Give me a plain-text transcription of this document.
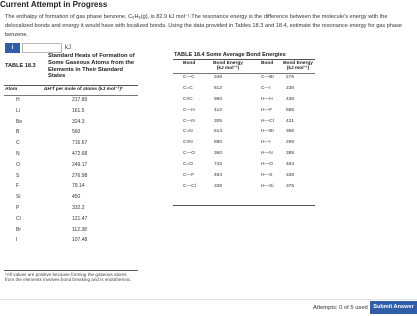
Current Attempt in Progress
The enthalpy of formation of gas phase benzene, C₆H₆(g), is 82.9 kJ mol⁻¹.The resonance energy is the difference between the molecule's energy with the delocalized bonds and energy it would have with localized bonds. Using the data provided in Tables 18.3 and 18.4, estimate the resonance energy for gas phase benzene.
i	kJ
TABLE 18.3
Standard Heats of Formation of Some Gaseous Atoms from the Elements in Their Standard States
Atom	ΔH°f per mole of atoms (kJ mol⁻¹)*
H	217.89
Li	161.5
Be	324.3
B	560
C	716.67
N	472.68
O	249.17
S	276.98
F	79.14
Si	450
P	332.2
Cl	121.47
Br	112.38
I	107.48
*All values are positive because forming the gaseous atoms from the elements involves bond breaking and is endothermic.
TABLE 18.4 Some Average Bond Energies
Bond	Bond Energy (kJ mol⁻¹)
Bond	Bond Energy (kJ mol⁻¹)
C—C	348	C—Br 276
C=C	612	C—I	238
C≡C	960	H—H	436
C—H	412	H—F	565
C—N	305	H—Cl	431
C=N	613	H—Br 366
C≡N	890	H—I	299
C—O	360	H—N	388
C=O	743	H—O	463
C—F	484	H—S	338
C—Cl	338	H—Si	376
Attempts: 0 of 5 used Submit Answer
